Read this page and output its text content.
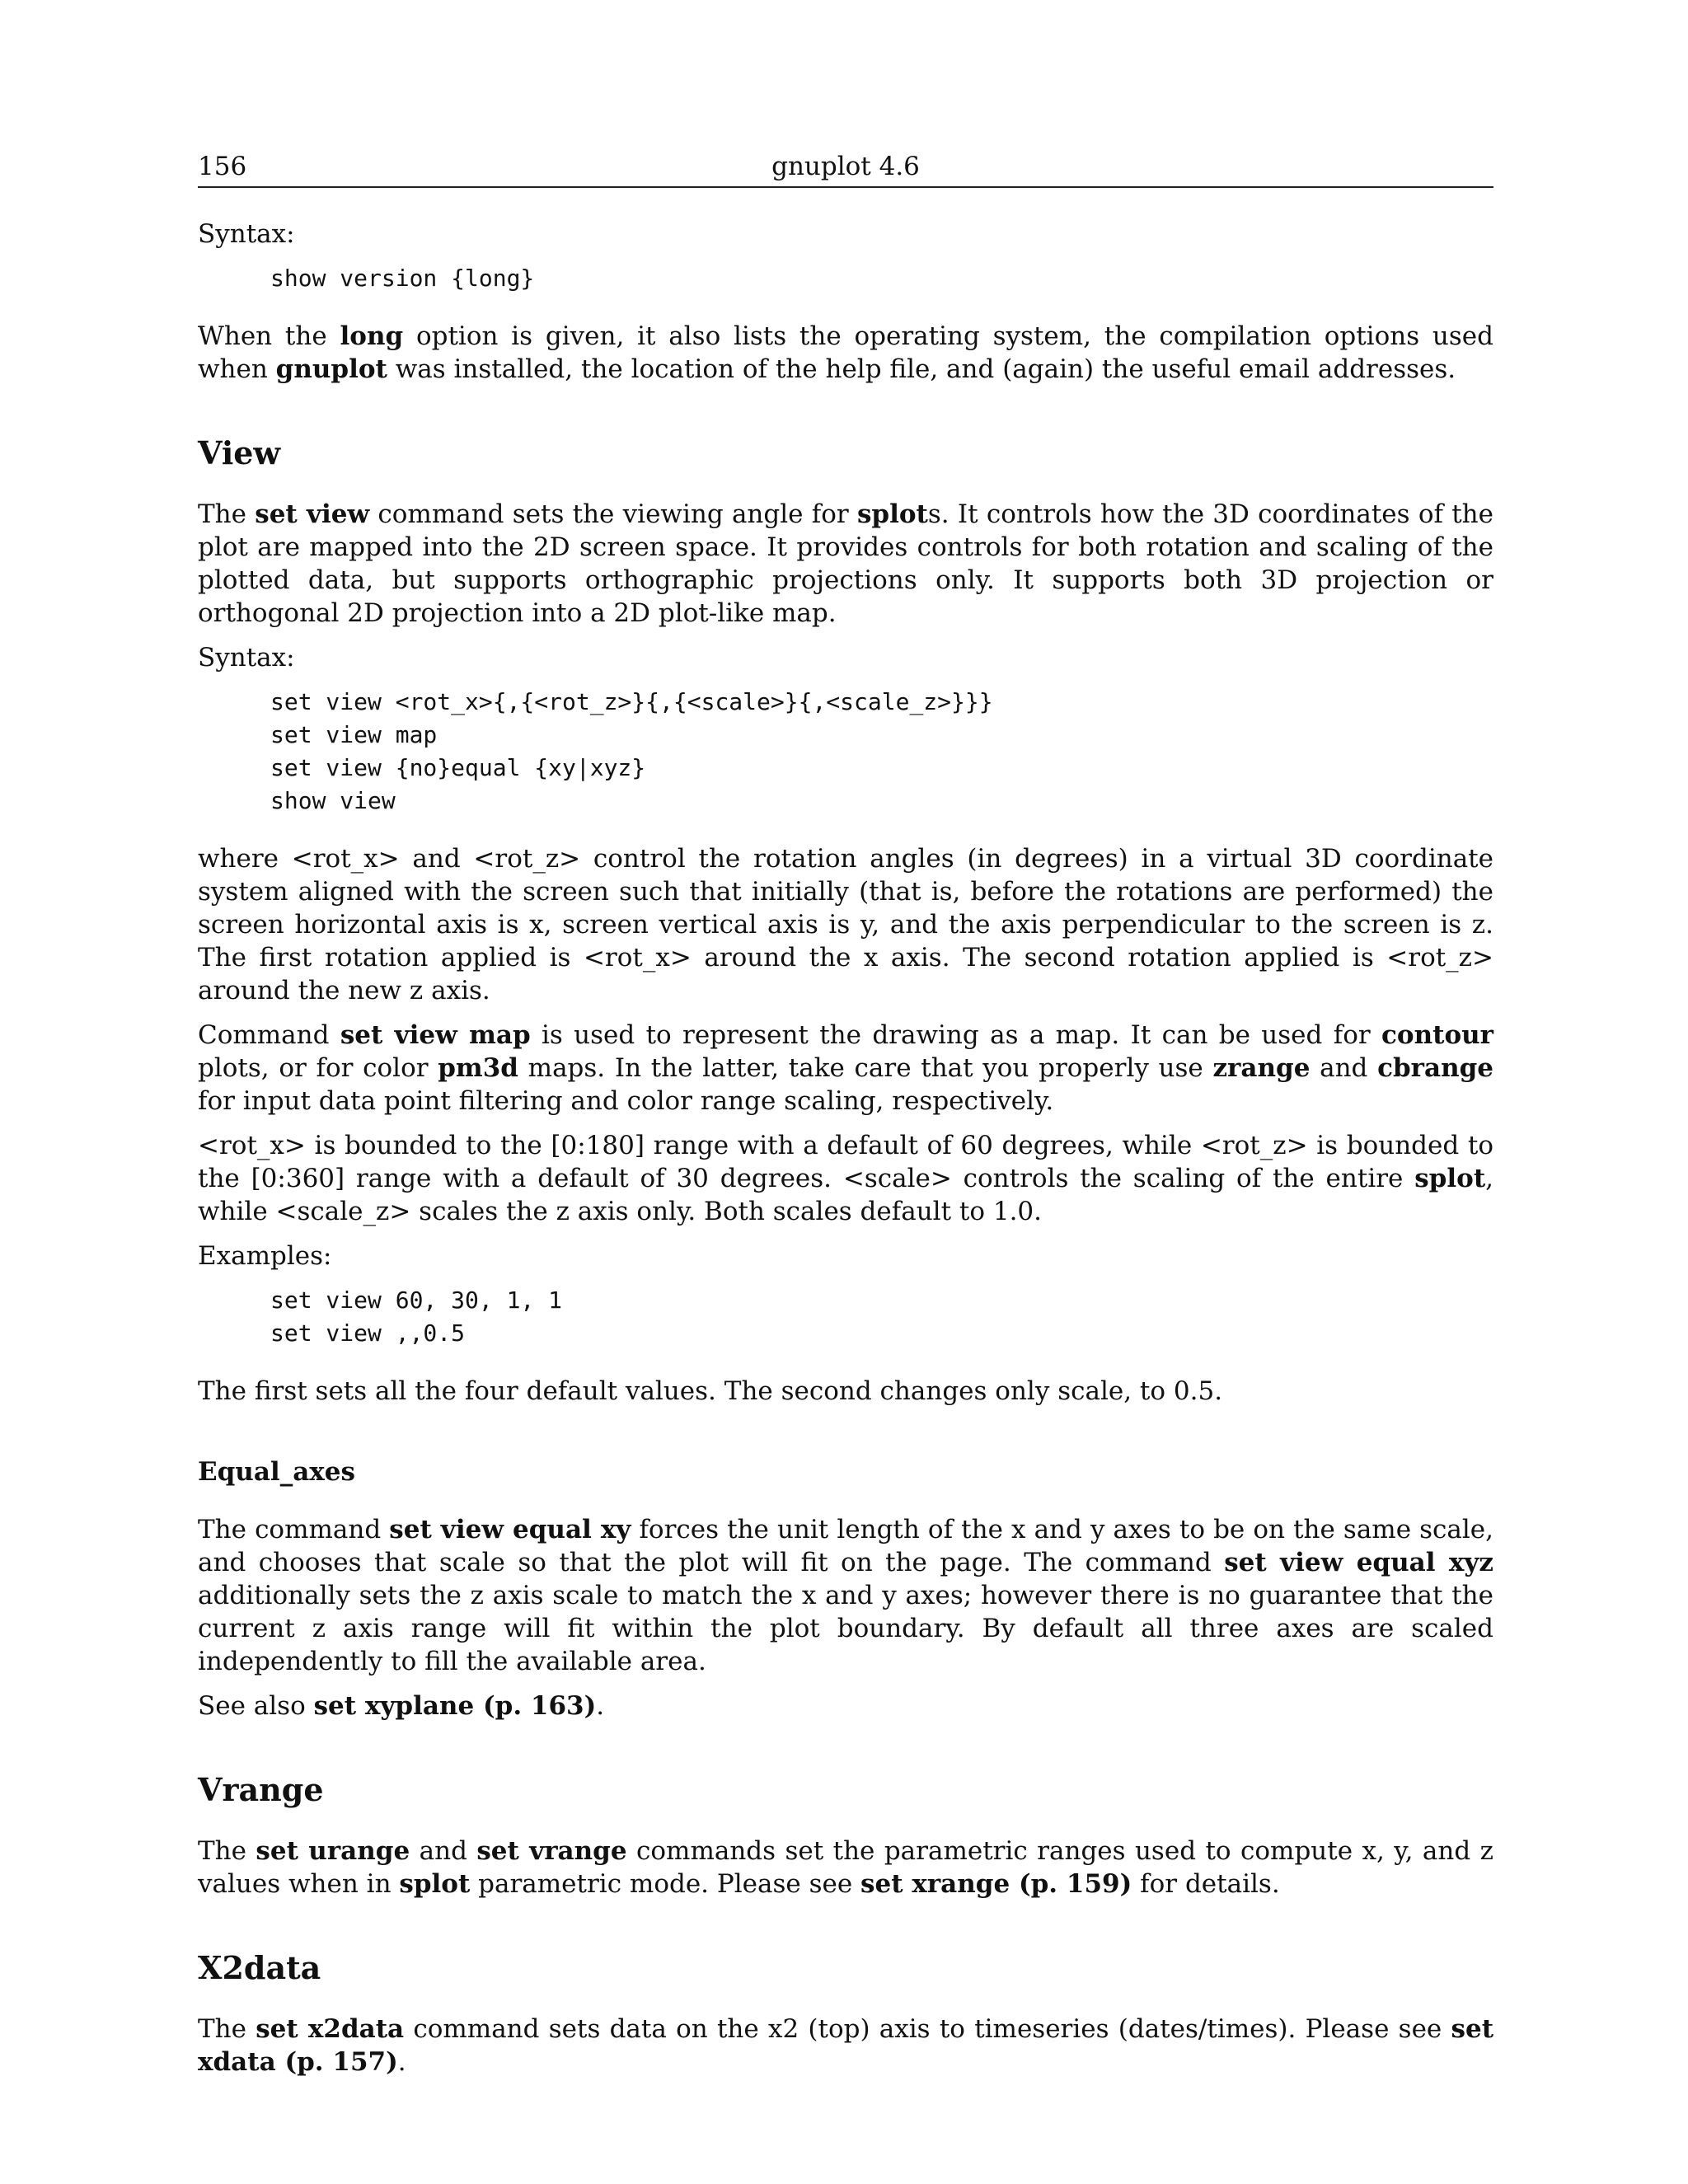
156	gnuplot 4.6
Syntax:
show version {long}

When the long option is given, it also lists the operating system, the compilation options used when gnuplot was installed, the location of the help file, and (again) the useful email addresses.

View

The set view command sets the viewing angle for splots. It controls how the 3D coordinates of the plot are mapped into the 2D screen space. It provides controls for both rotation and scaling of the plotted data, but supports orthographic projections only. It supports both 3D projection or orthogonal 2D projection into a 2D plot-like map.

Syntax:
set view <rot_x>{,{<rot_z>}{,{<scale>}{,<scale_z>}}}
set view map
set view {no}equal {xy|xyz}
show view

where <rot_x> and <rot_z> control the rotation angles (in degrees) in a virtual 3D coordinate system aligned with the screen such that initially (that is, before the rotations are performed) the screen horizontal axis is x, screen vertical axis is y, and the axis perpendicular to the screen is z. The first rotation applied is <rot_x> around the x axis. The second rotation applied is <rot_z> around the new z axis.

Command set view map is used to represent the drawing as a map. It can be used for contour plots, or for color pm3d maps. In the latter, take care that you properly use zrange and cbrange for input data point filtering and color range scaling, respectively.

<rot_x> is bounded to the [0:180] range with a default of 60 degrees, while <rot_z> is bounded to the [0:360] range with a default of 30 degrees. <scale> controls the scaling of the entire splot, while <scale_z> scales the z axis only. Both scales default to 1.0.

Examples:
set view 60, 30, 1, 1
set view ,,0.5

The first sets all the four default values. The second changes only scale, to 0.5.

Equal_axes

The command set view equal xy forces the unit length of the x and y axes to be on the same scale, and chooses that scale so that the plot will fit on the page. The command set view equal xyz additionally sets the z axis scale to match the x and y axes; however there is no guarantee that the current z axis range will fit within the plot boundary. By default all three axes are scaled independently to fill the available area.

See also set xyplane (p. 163).

Vrange

The set urange and set vrange commands set the parametric ranges used to compute x, y, and z values when in splot parametric mode. Please see set xrange (p. 159) for details.

X2data

The set x2data command sets data on the x2 (top) axis to timeseries (dates/times). Please see set xdata (p. 157).
